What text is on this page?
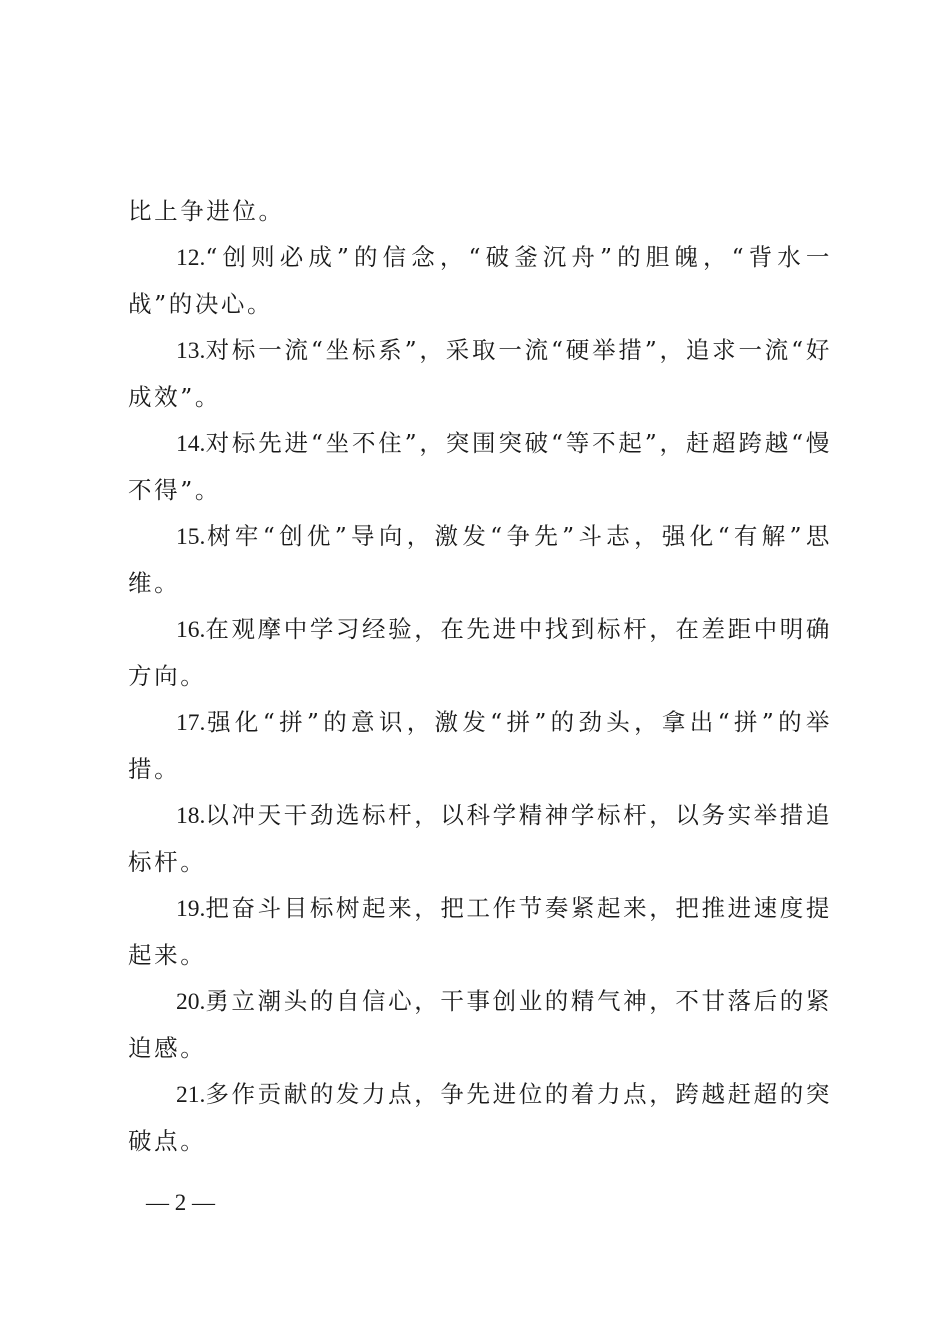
比上争进位。

12.“创则必成”的信念，“破釜沉舟”的胆魄，“背水一战”的决心。

13.对标一流“坐标系”，采取一流“硬举措”，追求一流“好成效”。

14.对标先进“坐不住”，突围突破“等不起”，赶超跨越“慢不得”。

15.树牢“创优”导向，激发“争先”斗志，强化“有解”思维。

16.在观摩中学习经验，在先进中找到标杆，在差距中明确方向。

17.强化“拼”的意识，激发“拼”的劲头，拿出“拼”的举措。

18.以冲天干劲选标杆，以科学精神学标杆，以务实举措追标杆。

19.把奋斗目标树起来，把工作节奏紧起来，把推进速度提起来。

20.勇立潮头的自信心，干事创业的精气神，不甘落后的紧迫感。

21.多作贡献的发力点，争先进位的着力点，跨越赶超的突破点。

— 2 —
